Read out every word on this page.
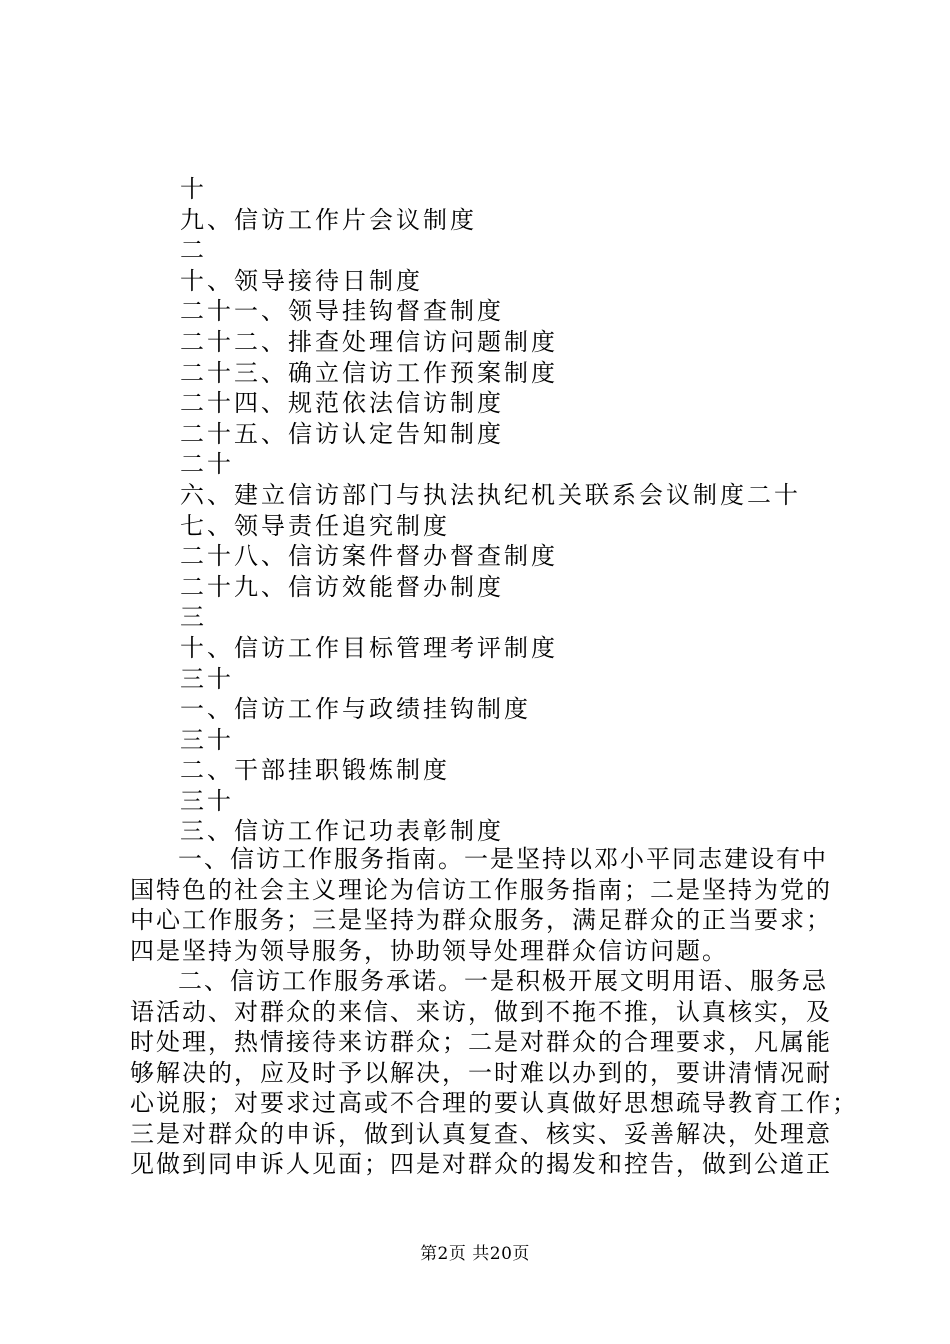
十
九、信访工作片会议制度
二
十、领导接待日制度
二十一、领导挂钩督查制度
二十二、排查处理信访问题制度
二十三、确立信访工作预案制度
二十四、规范依法信访制度
二十五、信访认定告知制度
二十
六、建立信访部门与执法执纪机关联系会议制度二十
七、领导责任追究制度
二十八、信访案件督办督查制度
二十九、信访效能督办制度
三
十、信访工作目标管理考评制度
三十
一、信访工作与政绩挂钩制度
三十
二、干部挂职锻炼制度
三十
三、信访工作记功表彰制度
一、信访工作服务指南。一是坚持以邓小平同志建设有中
国特色的社会主义理论为信访工作服务指南；二是坚持为党的
中心工作服务；三是坚持为群众服务，满足群众的正当要求；
四是坚持为领导服务，协助领导处理群众信访问题。
二、信访工作服务承诺。一是积极开展文明用语、服务忌
语活动、对群众的来信、来访，做到不拖不推，认真核实，及
时处理，热情接待来访群众；二是对群众的合理要求，凡属能
够解决的，应及时予以解决，一时难以办到的，要讲清情况耐
心说服；对要求过高或不合理的要认真做好思想疏导教育工作；
三是对群众的申诉，做到认真复查、核实、妥善解决，处理意
见做到同申诉人见面；四是对群众的揭发和控告，做到公道正
第2页 共20页
